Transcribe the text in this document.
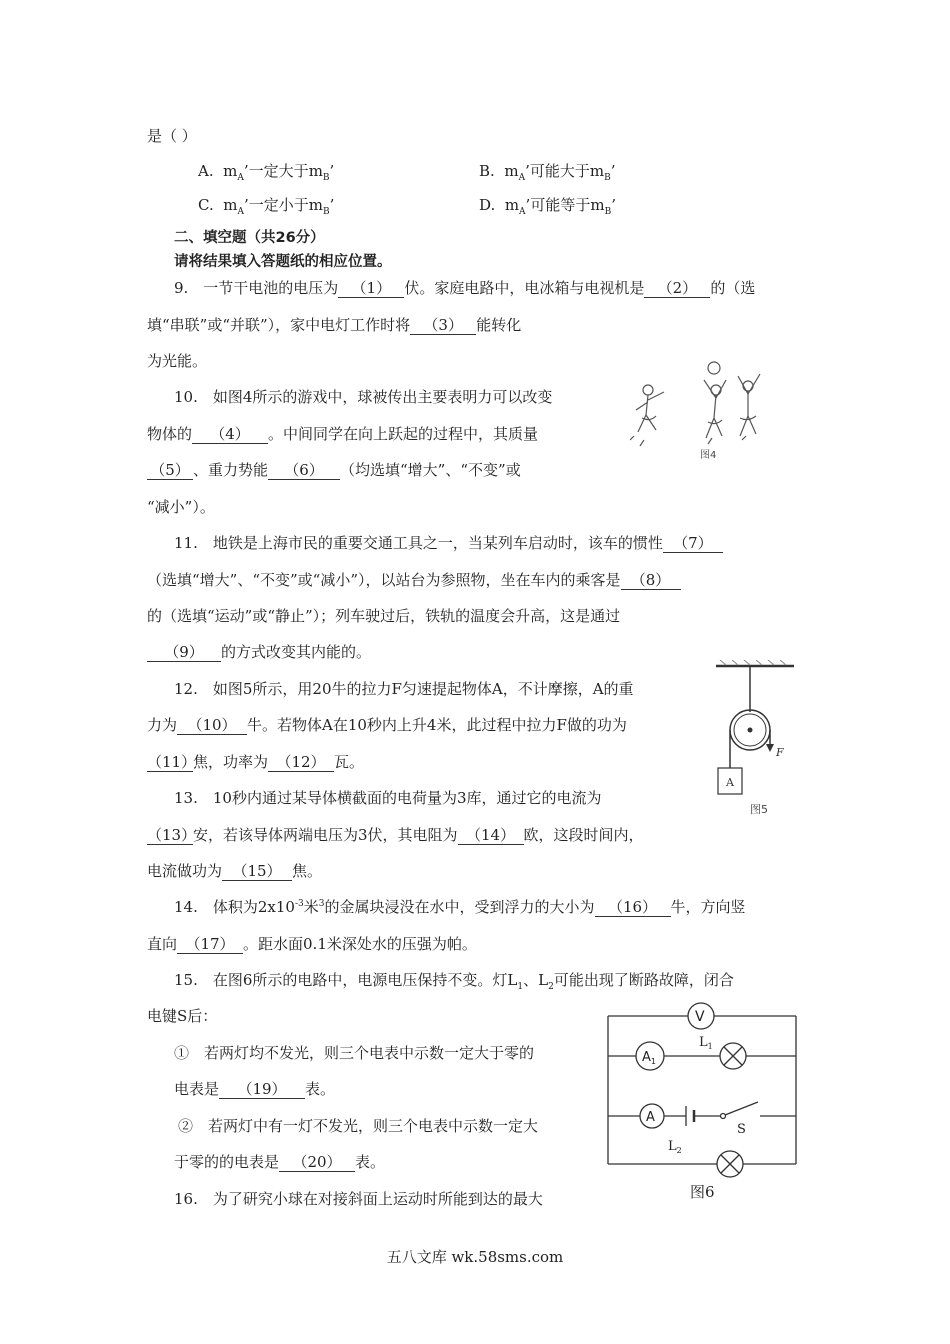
是（ ）
A. $m_A$’一定大于$m_B$’	B. $m_A$’可能大于$m_B$’
C. $m_A$’一定小于$m_B$’	D. $m_A$’可能等于$m_B$’
二、填空题（共26分）
请将结果填入答题纸的相应位置。
9.　一节干电池的电压为 （1） 伏。家庭电路中，电冰箱与电视机是 （2） 的（选
填“串联”或“并联”），家中电灯工作时将 （3） 能转化
为光能。
10.　如图4所示的游戏中，球被传出主要表明力可以改变
物体的 （4） 。中间同学在向上跃起的过程中，其质量
（5） 、重力势能 （6） （均选填“增大”、“不变”或
“减小”）。
图4
11.　地铁是上海市民的重要交通工具之一，当某列车启动时，该车的惯性 （7）
（选填“增大”、“不变”或“减小”），以站台为参照物，坐在车内的乘客是 （8）
的（选填“运动”或“静止”）；列车驶过后，铁轨的温度会升高，这是通过
（9） 的方式改变其内能的。
12.　如图5所示，用20牛的拉力F匀速提起物体A，不计摩擦，A的重
力为 （10） 牛。若物体A在10秒内上升4米，此过程中拉力F做的功为
（11）焦，功率为 （12） 瓦。
F
A
图5
13.　10秒内通过某导体横截面的电荷量为3库，通过它的电流为
（13）安，若该导体两端电压为3伏，其电阻为 （14） 欧，这段时间内，
电流做功为 （15） 焦。
14.　体积为$2x10^{-3}$米$^3$的金属块浸没在水中，受到浮力的大小为 （16） 牛，方向竖
直向 （17） 。距水面0.1米深处水的压强为帕。
15.　在图6所示的电路中，电源电压保持不变。灯$L_1$、$L_2$可能出现了断路故障，闭合
电键S后：
①　若两灯均不发光，则三个电表中示数一定大于零的
电表是 （19） 表。
②　若两灯中有一灯不发光，则三个电表中示数一定大
于零的的电表是 （20） 表。
16.　为了研究小球在对接斜面上运动时所能到达的最大
V
$A_1$
$L_1$
A
S
$L_2$
图6
五八文库 wk.58sms.com
